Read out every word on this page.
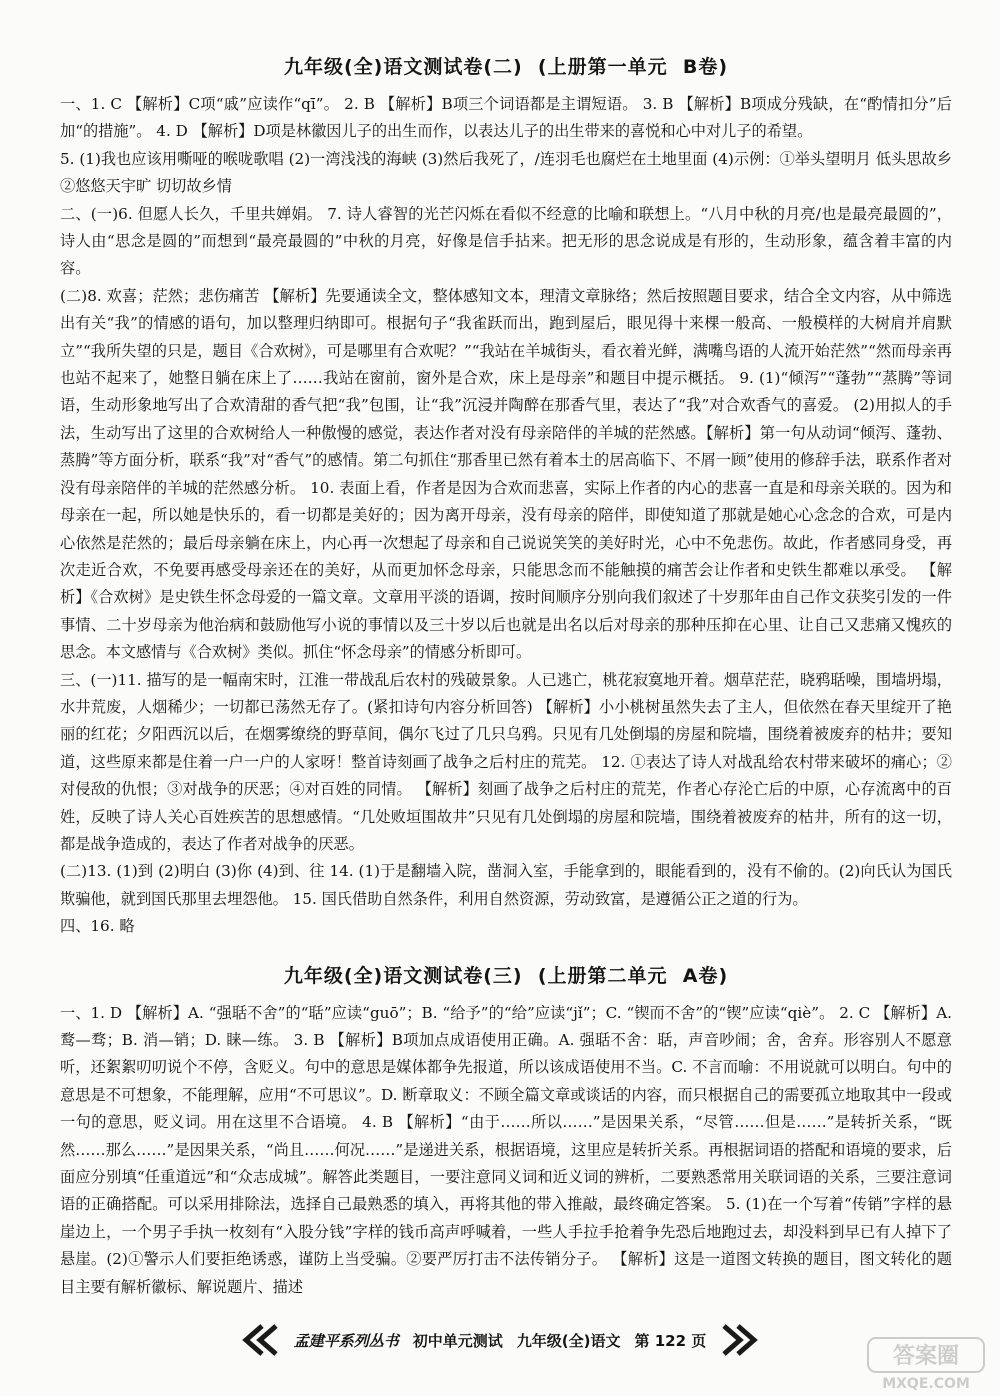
九年级(全)语文测试卷(二)  (上册第一单元  B卷)

一、1. C 【解析】C项“戚”应读作“qī”。 2. B 【解析】B项三个词语都是主谓短语。 3. B 【解析】B项成分残缺，在“酌情扣分”后加“的措施”。 4. D 【解析】D项是林徽因儿子的出生而作，以表达儿子的出生带来的喜悦和心中对儿子的希望。

5. (1)我也应该用嘶哑的喉咙歌唱 (2)一湾浅浅的海峡 (3)然后我死了，/连羽毛也腐烂在土地里面 (4)示例：①举头望明月 低头思故乡 ②悠悠天宇旷 切切故乡情

二、(一)6. 但愿人长久，千里共婵娟。 7. 诗人睿智的光芒闪烁在看似不经意的比喻和联想上。“八月中秋的月亮/也是最亮最圆的”，诗人由“思念是圆的”而想到“最亮最圆的”中秋的月亮，好像是信手拈来。把无形的思念说成是有形的，生动形象，蕴含着丰富的内容。

(二)8. 欢喜；茫然；悲伤痛苦 【解析】先要通读全文，整体感知文本，理清文章脉络；然后按照题目要求，结合全文内容，从中筛选出有关“我”的情感的语句，加以整理归纳即可。根据句子“我雀跃而出，跑到屋后，眼见得十来棵一般高、一般模样的大树肩并肩默立”“我所失望的只是，题目《合欢树》，可是哪里有合欢呢？”“我站在羊城街头，看衣着光鲜，满嘴鸟语的人流开始茫然”“然而母亲再也站不起来了，她整日躺在床上了……我站在窗前，窗外是合欢，床上是母亲”和题目中提示概括。 9. (1)“倾泻”“蓬勃”“蒸腾”等词语，生动形象地写出了合欢清甜的香气把“我”包围，让“我”沉浸并陶醉在那香气里，表达了“我”对合欢香气的喜爱。 (2)用拟人的手法，生动写出了这里的合欢树给人一种傲慢的感觉，表达作者对没有母亲陪伴的羊城的茫然感。【解析】第一句从动词“倾泻、蓬勃、蒸腾”等方面分析，联系“我”对“香气”的感情。第二句抓住“那香里已然有着本土的居高临下、不屑一顾”使用的修辞手法，联系作者对没有母亲陪伴的羊城的茫然感分析。 10. 表面上看，作者是因为合欢而悲喜，实际上作者的内心的悲喜一直是和母亲关联的。因为和母亲在一起，所以她是快乐的，看一切都是美好的；因为离开母亲，没有母亲的陪伴，即使知道了那就是她心心念念的合欢，可是内心依然是茫然的；最后母亲躺在床上，内心再一次想起了母亲和自己说说笑笑的美好时光，心中不免悲伤。故此，作者感同身受，再次走近合欢，不免要再感受母亲还在的美好，从而更加怀念母亲，只能思念而不能触摸的痛苦会让作者和史铁生都难以承受。 【解析】《合欢树》是史铁生怀念母爱的一篇文章。文章用平淡的语调，按时间顺序分别向我们叙述了十岁那年由自己作文获奖引发的一件事情、二十岁母亲为他治病和鼓励他写小说的事情以及三十岁以后也就是出名以后对母亲的那种压抑在心里、让自己又悲痛又愧疚的思念。本文感情与《合欢树》类似。抓住“怀念母亲”的情感分析即可。

三、(一)11. 描写的是一幅南宋时，江淮一带战乱后农村的残破景象。人已逃亡，桃花寂寞地开着。烟草茫茫，晓鸦聒噪，围墙坍塌，水井荒废，人烟稀少；一切都已荡然无存了。(紧扣诗句内容分析回答) 【解析】小小桃树虽然失去了主人，但依然在春天里绽开了艳丽的红花；夕阳西沉以后，在烟雾缭绕的野草间，偶尔飞过了几只乌鸦。只见有几处倒塌的房屋和院墙，围绕着被废弃的枯井；要知道，这些原来都是住着一户一户的人家呀！整首诗刻画了战争之后村庄的荒芜。 12. ①表达了诗人对战乱给农村带来破坏的痛心；②对侵敌的仇恨；③对战争的厌恶；④对百姓的同情。 【解析】刻画了战争之后村庄的荒芜，作者心存沦亡后的中原，心存流离中的百姓，反映了诗人关心百姓疾苦的思想感情。“几处败垣围故井”只见有几处倒塌的房屋和院墙，围绕着被废弃的枯井，所有的这一切，都是战争造成的，表达了作者对战争的厌恶。

(二)13. (1)到 (2)明白 (3)你 (4)到、往 14. (1)于是翻墙入院，凿洞入室，手能拿到的，眼能看到的，没有不偷的。(2)向氏认为国氏欺骗他，就到国氏那里去埋怨他。 15. 国氏借助自然条件，利用自然资源，劳动致富，是遵循公正之道的行为。

四、16. 略

九年级(全)语文测试卷(三)  (上册第二单元  A卷)

一、1. D 【解析】A. “强聒不舍”的“聒”应读“guō”；B. “给予”的“给”应读“jǐ”；C. “锲而不舍”的“锲”应读“qiè”。 2. C 【解析】A. 鹜—骛；B. 消—销；D. 睐—练。 3. B 【解析】B项加点成语使用正确。A. 强聒不舍：聒，声音吵闹；舍，舍弃。形容别人不愿意听，还絮絮叨叨说个不停，含贬义。句中的意思是媒体都争先报道，所以该成语使用不当。C. 不言而喻：不用说就可以明白。句中的意思是不可想象，不能理解，应用“不可思议”。D. 断章取义：不顾全篇文章或谈话的内容，而只根据自己的需要孤立地取其中一段或一句的意思，贬义词。用在这里不合语境。 4. B 【解析】“由于……所以……”是因果关系，“尽管……但是……”是转折关系，“既然……那么……”是因果关系，“尚且……何况……”是递进关系，根据语境，这里应是转折关系。再根据词语的搭配和语境的要求，后面应分别填“任重道远”和“众志成城”。解答此类题目，一要注意同义词和近义词的辨析，二要熟悉常用关联词语的关系，三要注意词语的正确搭配。可以采用排除法，选择自己最熟悉的填入，再将其他的带入推敲，最终确定答案。 5. (1)在一个写着“传销”字样的悬崖边上，一个男子手执一枚刻有“入股分钱”字样的钱币高声呼喊着，一些人手拉手抢着争先恐后地跑过去，却没料到早已有人掉下了悬崖。(2)①警示人们要拒绝诱惑，谨防上当受骗。②要严厉打击不法传销分子。 【解析】这是一道图文转换的题目，图文转化的题目主要有解析徽标、解说题片、描述

孟建平系列丛书 初中单元测试 九年级(全)语文 第 122 页
答案圈
MXQE.COM
